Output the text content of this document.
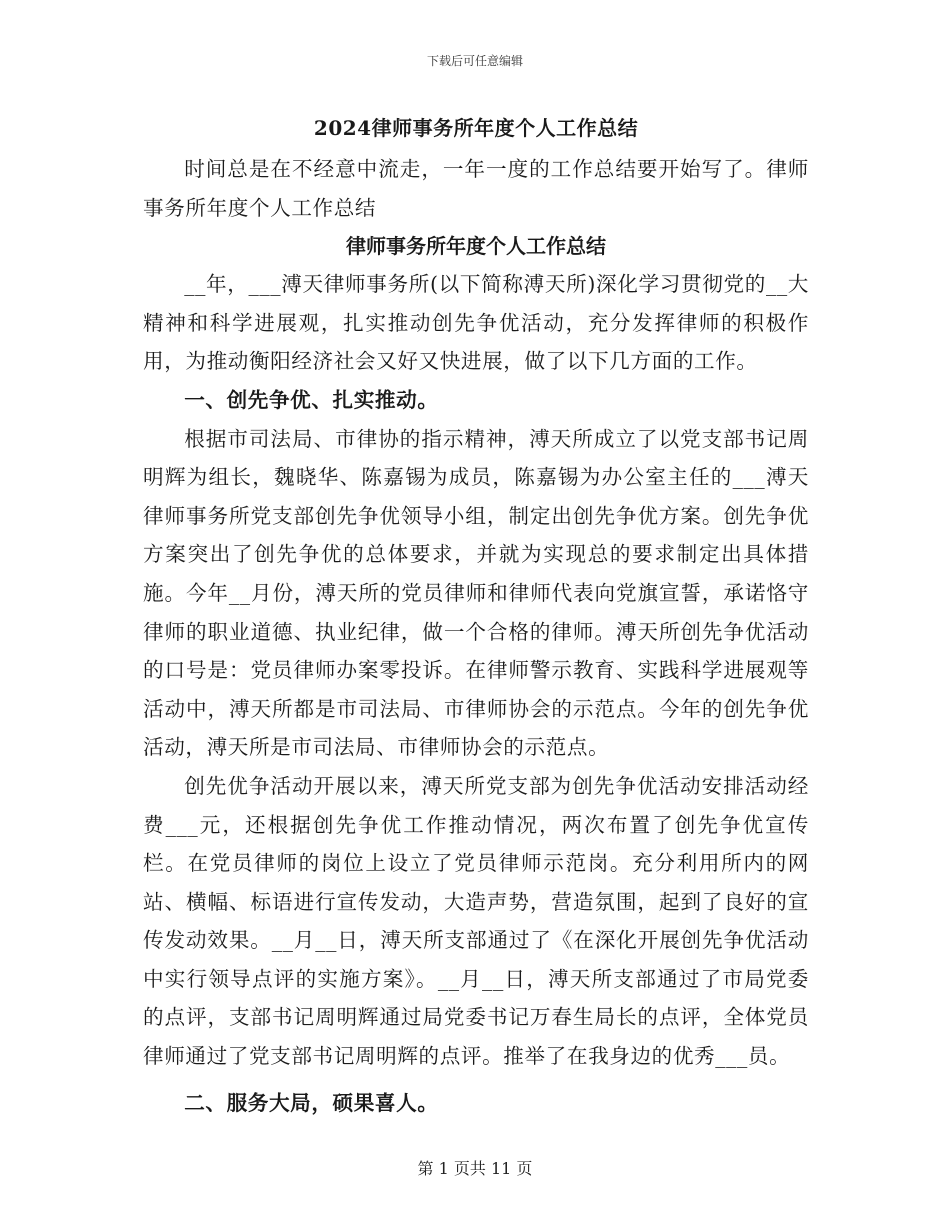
下载后可任意编辑
2024律师事务所年度个人工作总结

时间总是在不经意中流走，一年一度的工作总结要开始写了。律师事务所年度个人工作总结

律师事务所年度个人工作总结

__年，___溥天律师事务所(以下简称溥天所)深化学习贯彻党的__大精神和科学进展观，扎实推动创先争优活动，充分发挥律师的积极作用，为推动衡阳经济社会又好又快进展，做了以下几方面的工作。

一、创先争优、扎实推动。

根据市司法局、市律协的指示精神，溥天所成立了以党支部书记周明辉为组长，魏晓华、陈嘉锡为成员，陈嘉锡为办公室主任的___溥天律师事务所党支部创先争优领导小组，制定出创先争优方案。创先争优方案突出了创先争优的总体要求，并就为实现总的要求制定出具体措施。今年__月份，溥天所的党员律师和律师代表向党旗宣誓，承诺恪守律师的职业道德、执业纪律，做一个合格的律师。溥天所创先争优活动的口号是：党员律师办案零投诉。在律师警示教育、实践科学进展观等活动中，溥天所都是市司法局、市律师协会的示范点。今年的创先争优活动，溥天所是市司法局、市律师协会的示范点。

创先优争活动开展以来，溥天所党支部为创先争优活动安排活动经费___元，还根据创先争优工作推动情况，两次布置了创先争优宣传栏。在党员律师的岗位上设立了党员律师示范岗。充分利用所内的网站、横幅、标语进行宣传发动，大造声势，营造氛围，起到了良好的宣传发动效果。__月__日，溥天所支部通过了《在深化开展创先争优活动中实行领导点评的实施方案》。__月__日，溥天所支部通过了市局党委的点评，支部书记周明辉通过局党委书记万春生局长的点评，全体党员律师通过了党支部书记周明辉的点评。推举了在我身边的优秀___员。

二、服务大局，硕果喜人。
第 1 页共 11 页
